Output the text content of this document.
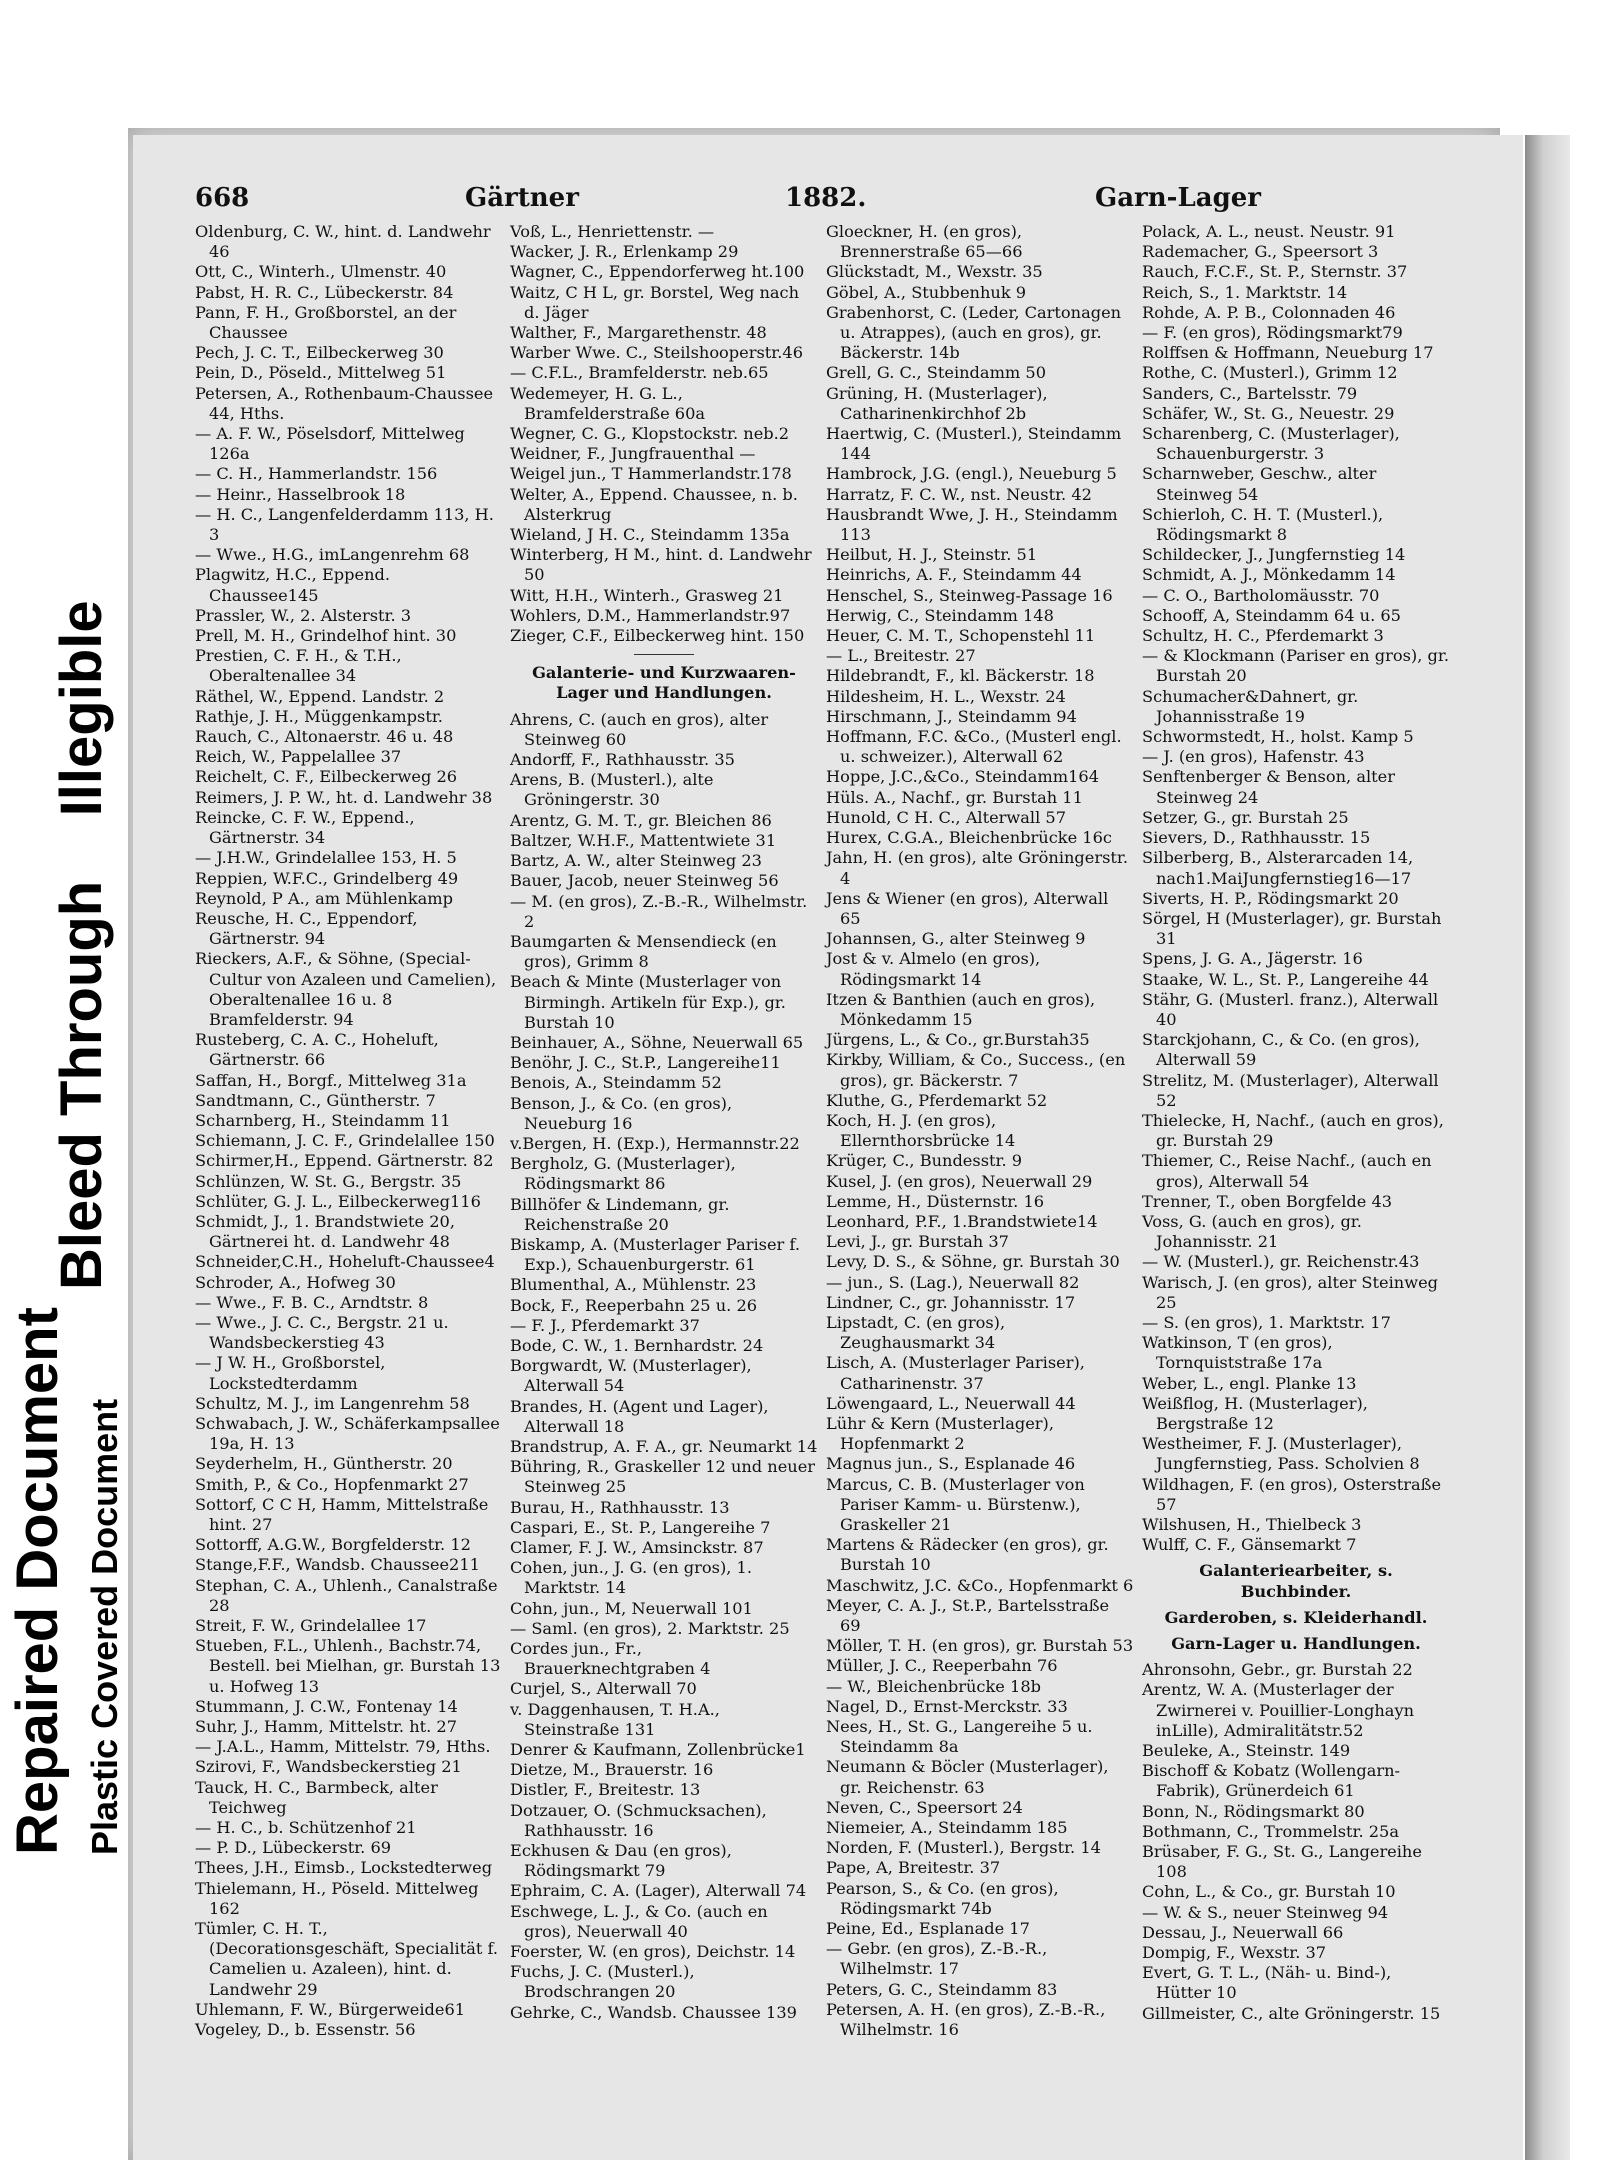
Repaired Document
Bleed Through    Illegible
Plastic Covered Document
668	Gärtner	1882.	Garn-Lager

Oldenburg, C. W., hint. d. Landwehr 46

Ott, C., Winterh., Ulmenstr. 40

Pabst, H. R. C., Lübeckerstr. 84

Pann, F. H., Großborstel, an der Chaussee

Pech, J. C. T., Eilbeckerweg 30

Pein, D., Pöseld., Mittelweg 51

Petersen, A., Rothenbaum-Chaussee 44, Hths.

— A. F. W., Pöselsdorf, Mittelweg 126a

— C. H., Hammerlandstr. 156

— Heinr., Hasselbrook 18

— H. C., Langenfelderdamm 113, H. 3

— Wwe., H.G., imLangenrehm 68

Plagwitz, H.C., Eppend. Chaussee145

Prassler, W., 2. Alsterstr. 3

Prell, M. H., Grindelhof hint. 30

Prestien, C. F. H., & T.H., Oberaltenallee 34

Räthel, W., Eppend. Landstr. 2

Rathje, J. H., Müggenkampstr.

Rauch, C., Altonaerstr. 46 u. 48

Reich, W., Pappelallee 37

Reichelt, C. F., Eilbeckerweg 26

Reimers, J. P. W., ht. d. Landwehr 38

Reincke, C. F. W., Eppend., Gärtnerstr. 34

— J.H.W., Grindelallee 153, H. 5

Reppien, W.F.C., Grindelberg 49

Reynold, P A., am Mühlenkamp

Reusche, H. C., Eppendorf, Gärtnerstr. 94

Rieckers, A.F., & Söhne, (Special-Cultur von Azaleen und Camelien), Oberaltenallee 16 u. 8 Bramfelderstr. 94

Rusteberg, C. A. C., Hoheluft, Gärtnerstr. 66

Saffan, H., Borgf., Mittelweg 31a

Sandtmann, C., Güntherstr. 7

Scharnberg, H., Steindamm 11

Schiemann, J. C. F., Grindelallee 150

Schirmer,H., Eppend. Gärtnerstr. 82

Schlünzen, W. St. G., Bergstr. 35

Schlüter, G. J. L., Eilbeckerweg116

Schmidt, J., 1. Brandstwiete 20, Gärtnerei ht. d. Landwehr 48

Schneider,C.H., Hoheluft-Chaussee4

Schroder, A., Hofweg 30

— Wwe., F. B. C., Arndtstr. 8

— Wwe., J. C. C., Bergstr. 21 u. Wandsbeckerstieg 43

— J W. H., Großborstel, Lockstedterdamm

Schultz, M. J., im Langenrehm 58

Schwabach, J. W., Schäferkampsallee 19a, H. 13

Seyderhelm, H., Güntherstr. 20

Smith, P., & Co., Hopfenmarkt 27

Sottorf, C C H, Hamm, Mittelstraße hint. 27

Sottorff, A.G.W., Borgfelderstr. 12

Stange,F.F., Wandsb. Chaussee211

Stephan, C. A., Uhlenh., Canalstraße 28

Streit, F. W., Grindelallee 17

Stueben, F.L., Uhlenh., Bachstr.74, Bestell. bei Mielhan, gr. Burstah 13 u. Hofweg 13

Stummann, J. C.W., Fontenay 14

Suhr, J., Hamm, Mittelstr. ht. 27

— J.A.L., Hamm, Mittelstr. 79, Hths.

Szirovi, F., Wandsbeckerstieg 21

Tauck, H. C., Barmbeck, alter Teichweg

— H. C., b. Schützenhof 21

— P. D., Lübeckerstr. 69

Thees, J.H., Eimsb., Lockstedterweg

Thielemann, H., Pöseld. Mittelweg 162

Tümler, C. H. T., (Decorationsgeschäft, Specialität f. Camelien u. Azaleen), hint. d. Landwehr 29

Uhlemann, F. W., Bürgerweide61

Vogeley, D., b. Essenstr. 56

Voß, L., Henriettenstr. —

Wacker, J. R., Erlenkamp 29

Wagner, C., Eppendorferweg ht.100

Waitz, C H L, gr. Borstel, Weg nach d. Jäger

Walther, F., Margarethenstr. 48

Warber Wwe. C., Steilshooperstr.46

— C.F.L., Bramfelderstr. neb.65

Wedemeyer, H. G. L., Bramfelderstraße 60a

Wegner, C. G., Klopstockstr. neb.2

Weidner, F., Jungfrauenthal —

Weigel jun., T Hammerlandstr.178

Welter, A., Eppend. Chaussee, n. b. Alsterkrug

Wieland, J H. C., Steindamm 135a

Winterberg, H M., hint. d. Landwehr 50

Witt, H.H., Winterh., Grasweg 21

Wohlers, D.M., Hammerlandstr.97

Zieger, C.F., Eilbeckerweg hint. 150

Galanterie- und Kurzwaaren-Lager und Handlungen.

Ahrens, C. (auch en gros), alter Steinweg 60

Andorff, F., Rathhausstr. 35

Arens, B. (Musterl.), alte Gröningerstr. 30

Arentz, G. M. T., gr. Bleichen 86

Baltzer, W.H.F., Mattentwiete 31

Bartz, A. W., alter Steinweg 23

Bauer, Jacob, neuer Steinweg 56

— M. (en gros), Z.-B.-R., Wilhelmstr. 2

Baumgarten & Mensendieck (en gros), Grimm 8

Beach & Minte (Musterlager von Birmingh. Artikeln für Exp.), gr. Burstah 10

Beinhauer, A., Söhne, Neuerwall 65

Benöhr, J. C., St.P., Langereihe11

Benois, A., Steindamm 52

Benson, J., & Co. (en gros), Neueburg 16

v.Bergen, H. (Exp.), Hermannstr.22

Bergholz, G. (Musterlager), Rödingsmarkt 86

Billhöfer & Lindemann, gr. Reichenstraße 20

Biskamp, A. (Musterlager Pariser f. Exp.), Schauenburgerstr. 61

Blumenthal, A., Mühlenstr. 23

Bock, F., Reeperbahn 25 u. 26

— F. J., Pferdemarkt 37

Bode, C. W., 1. Bernhardstr. 24

Borgwardt, W. (Musterlager), Alterwall 54

Brandes, H. (Agent und Lager), Alterwall 18

Brandstrup, A. F. A., gr. Neumarkt 14

Bühring, R., Graskeller 12 und neuer Steinweg 25

Burau, H., Rathhausstr. 13

Caspari, E., St. P., Langereihe 7

Clamer, F. J. W., Amsinckstr. 87

Cohen, jun., J. G. (en gros), 1. Marktstr. 14

Cohn, jun., M, Neuerwall 101

— Saml. (en gros), 2. Marktstr. 25

Cordes jun., Fr., Brauerknechtgraben 4

Curjel, S., Alterwall 70

v. Daggenhausen, T. H.A., Steinstraße 131

Denrer & Kaufmann, Zollenbrücke1

Dietze, M., Brauerstr. 16

Distler, F., Breitestr. 13

Dotzauer, O. (Schmucksachen), Rathhausstr. 16

Eckhusen & Dau (en gros), Rödingsmarkt 79

Ephraim, C. A. (Lager), Alterwall 74

Eschwege, L. J., & Co. (auch en gros), Neuerwall 40

Foerster, W. (en gros), Deichstr. 14

Fuchs, J. C. (Musterl.), Brodschrangen 20

Gehrke, C., Wandsb. Chaussee 139

Gloeckner, H. (en gros), Brennerstraße 65—66

Glückstadt, M., Wexstr. 35

Göbel, A., Stubbenhuk 9

Grabenhorst, C. (Leder, Cartonagen u. Atrappes), (auch en gros), gr. Bäckerstr. 14b

Grell, G. C., Steindamm 50

Grüning, H. (Musterlager), Catharinenkirchhof 2b

Haertwig, C. (Musterl.), Steindamm 144

Hambrock, J.G. (engl.), Neueburg 5

Harratz, F. C. W., nst. Neustr. 42

Hausbrandt Wwe, J. H., Steindamm 113

Heilbut, H. J., Steinstr. 51

Heinrichs, A. F., Steindamm 44

Henschel, S., Steinweg-Passage 16

Herwig, C., Steindamm 148

Heuer, C. M. T., Schopenstehl 11

— L., Breitestr. 27

Hildebrandt, F., kl. Bäckerstr. 18

Hildesheim, H. L., Wexstr. 24

Hirschmann, J., Steindamm 94

Hoffmann, F.C. &Co., (Musterl engl. u. schweizer.), Alterwall 62

Hoppe, J.C.,&Co., Steindamm164

Hüls. A., Nachf., gr. Burstah 11

Hunold, C H. C., Alterwall 57

Hurex, C.G.A., Bleichenbrücke 16c

Jahn, H. (en gros), alte Gröningerstr. 4

Jens & Wiener (en gros), Alterwall 65

Johannsen, G., alter Steinweg 9

Jost & v. Almelo (en gros), Rödingsmarkt 14

Itzen & Banthien (auch en gros), Mönkedamm 15

Jürgens, L., & Co., gr.Burstah35

Kirkby, William, & Co., Success., (en gros), gr. Bäckerstr. 7

Kluthe, G., Pferdemarkt 52

Koch, H. J. (en gros), Ellernthorsbrücke 14

Krüger, C., Bundesstr. 9

Kusel, J. (en gros), Neuerwall 29

Lemme, H., Düsternstr. 16

Leonhard, P.F., 1.Brandstwiete14

Levi, J., gr. Burstah 37

Levy, D. S., & Söhne, gr. Burstah 30

— jun., S. (Lag.), Neuerwall 82

Lindner, C., gr. Johannisstr. 17

Lipstadt, C. (en gros), Zeughausmarkt 34

Lisch, A. (Musterlager Pariser), Catharinenstr. 37

Löwengaard, L., Neuerwall 44

Lühr & Kern (Musterlager), Hopfenmarkt 2

Magnus jun., S., Esplanade 46

Marcus, C. B. (Musterlager von Pariser Kamm- u. Bürstenw.), Graskeller 21

Martens & Rädecker (en gros), gr. Burstah 10

Maschwitz, J.C. &Co., Hopfenmarkt 6

Meyer, C. A. J., St.P., Bartelsstraße 69

Möller, T. H. (en gros), gr. Burstah 53

Müller, J. C., Reeperbahn 76

— W., Bleichenbrücke 18b

Nagel, D., Ernst-Merckstr. 33

Nees, H., St. G., Langereihe 5 u. Steindamm 8a

Neumann & Böcler (Musterlager), gr. Reichenstr. 63

Neven, C., Speersort 24

Niemeier, A., Steindamm 185

Norden, F. (Musterl.), Bergstr. 14

Pape, A, Breitestr. 37

Pearson, S., & Co. (en gros), Rödingsmarkt 74b

Peine, Ed., Esplanade 17

— Gebr. (en gros), Z.-B.-R., Wilhelmstr. 17

Peters, G. C., Steindamm 83

Petersen, A. H. (en gros), Z.-B.-R., Wilhelmstr. 16

Polack, A. L., neust. Neustr. 91

Rademacher, G., Speersort 3

Rauch, F.C.F., St. P., Sternstr. 37

Reich, S., 1. Marktstr. 14

Rohde, A. P. B., Colonnaden 46

— F. (en gros), Rödingsmarkt79

Rolffsen & Hoffmann, Neueburg 17

Rothe, C. (Musterl.), Grimm 12

Sanders, C., Bartelsstr. 79

Schäfer, W., St. G., Neuestr. 29

Scharenberg, C. (Musterlager), Schauenburgerstr. 3

Scharnweber, Geschw., alter Steinweg 54

Schierloh, C. H. T. (Musterl.), Rödingsmarkt 8

Schildecker, J., Jungfernstieg 14

Schmidt, A. J., Mönkedamm 14

— C. O., Bartholomäusstr. 70

Schooff, A, Steindamm 64 u. 65

Schultz, H. C., Pferdemarkt 3

— & Klockmann (Pariser en gros), gr. Burstah 20

Schumacher&Dahnert, gr. Johannisstraße 19

Schwormstedt, H., holst. Kamp 5

— J. (en gros), Hafenstr. 43

Senftenberger & Benson, alter Steinweg 24

Setzer, G., gr. Burstah 25

Sievers, D., Rathhausstr. 15

Silberberg, B., Alsterarcaden 14, nach1.MaiJungfernstieg16—17

Siverts, H. P., Rödingsmarkt 20

Sörgel, H (Musterlager), gr. Burstah 31

Spens, J. G. A., Jägerstr. 16

Staake, W. L., St. P., Langereihe 44

Stähr, G. (Musterl. franz.), Alterwall 40

Starckjohann, C., & Co. (en gros), Alterwall 59

Strelitz, M. (Musterlager), Alterwall 52

Thielecke, H, Nachf., (auch en gros), gr. Burstah 29

Thiemer, C., Reise Nachf., (auch en gros), Alterwall 54

Trenner, T., oben Borgfelde 43

Voss, G. (auch en gros), gr. Johannisstr. 21

— W. (Musterl.), gr. Reichenstr.43

Warisch, J. (en gros), alter Steinweg 25

— S. (en gros), 1. Marktstr. 17

Watkinson, T (en gros), Tornquiststraße 17a

Weber, L., engl. Planke 13

Weißflog, H. (Musterlager), Bergstraße 12

Westheimer, F. J. (Musterlager), Jungfernstieg, Pass. Scholvien 8

Wildhagen, F. (en gros), Osterstraße 57

Wilshusen, H., Thielbeck 3

Wulff, C. F., Gänsemarkt 7

Galanteriearbeiter, s. Buchbinder.

Garderoben, s. Kleiderhandl.

Garn-Lager u. Handlungen.

Ahronsohn, Gebr., gr. Burstah 22

Arentz, W. A. (Musterlager der Zwirnerei v. Pouillier-Longhayn inLille), Admiralitätstr.52

Beuleke, A., Steinstr. 149

Bischoff & Kobatz (Wollengarn-Fabrik), Grünerdeich 61

Bonn, N., Rödingsmarkt 80

Bothmann, C., Trommelstr. 25a

Brüsaber, F. G., St. G., Langereihe 108

Cohn, L., & Co., gr. Burstah 10

— W. & S., neuer Steinweg 94

Dessau, J., Neuerwall 66

Dompig, F., Wexstr. 37

Evert, G. T. L., (Näh- u. Bind-), Hütter 10

Gillmeister, C., alte Gröningerstr. 15
